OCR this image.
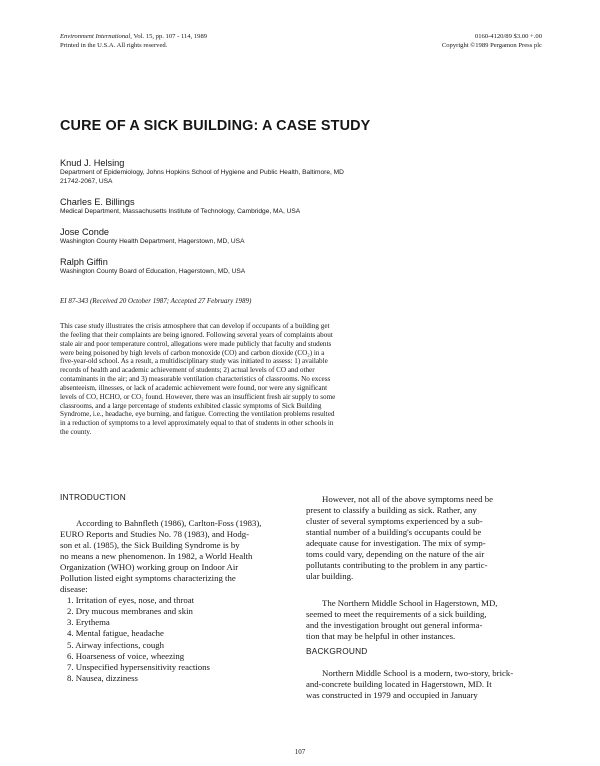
Environment International, Vol. 15, pp. 107 - 114, 1989
Printed in the U.S.A. All rights reserved.
0160-4120/89 $3.00 +.00
Copyright ©1989 Pergamon Press plc
CURE OF A SICK BUILDING: A CASE STUDY
Knud J. Helsing
Department of Epidemiology, Johns Hopkins School of Hygiene and Public Health, Baltimore, MD
21742-2067, USA
Charles E. Billings
Medical Department, Massachusetts Institute of Technology, Cambridge, MA, USA
Jose Conde
Washington County Health Department, Hagerstown, MD, USA
Ralph Giffin
Washington County Board of Education, Hagerstown, MD, USA
EI 87-343 (Received 20 October 1987; Accepted 27 February 1989)
This case study illustrates the crisis atmosphere that can develop if occupants of a building get
the feeling that their complaints are being ignored. Following several years of complaints about
stale air and poor temperature control, allegations were made publicly that faculty and students
were being poisoned by high levels of carbon monoxide (CO) and carbon dioxide (CO₂) in a
five-year-old school. As a result, a multidisciplinary study was initiated to assess: 1) available
records of health and academic achievement of students; 2) actual levels of CO and other
contaminants in the air; and 3) measurable ventilation characteristics of classrooms. No excess
absenteeism, illnesses, or lack of academic achievement were found, nor were any significant
levels of CO, HCHO, or CO₂ found. However, there was an insufficient fresh air supply to some
classrooms, and a large percentage of students exhibited classic symptoms of Sick Building
Syndrome, i.e., headache, eye burning, and fatigue. Correcting the ventilation problems resulted
in a reduction of symptoms to a level approximately equal to that of students in other schools in
the county.
INTRODUCTION
According to Bahnfleth (1986), Carlton-Foss (1983),
EURO Reports and Studies No. 78 (1983), and Hodg-
son et al. (1985), the Sick Building Syndrome is by
no means a new phenomenon. In 1982, a World Health
Organization (WHO) working group on Indoor Air
Pollution listed eight symptoms characterizing the
disease:
1. Irritation of eyes, nose, and throat
2. Dry mucous membranes and skin
3. Erythema
4. Mental fatigue, headache
5. Airway infections, cough
6. Hoarseness of voice, wheezing
7. Unspecified hypersensitivity reactions
8. Nausea, dizziness
However, not all of the above symptoms need be
present to classify a building as sick. Rather, any
cluster of several symptoms experienced by a sub-
stantial number of a building's occupants could be
adequate cause for investigation. The mix of symp-
toms could vary, depending on the nature of the air
pollutants contributing to the problem in any partic-
ular building.
The Northern Middle School in Hagerstown, MD,
seemed to meet the requirements of a sick building,
and the investigation brought out general informa-
tion that may be helpful in other instances.
BACKGROUND
Northern Middle School is a modern, two-story, brick-
and-concrete building located in Hagerstown, MD. It
was constructed in 1979 and occupied in January
107
